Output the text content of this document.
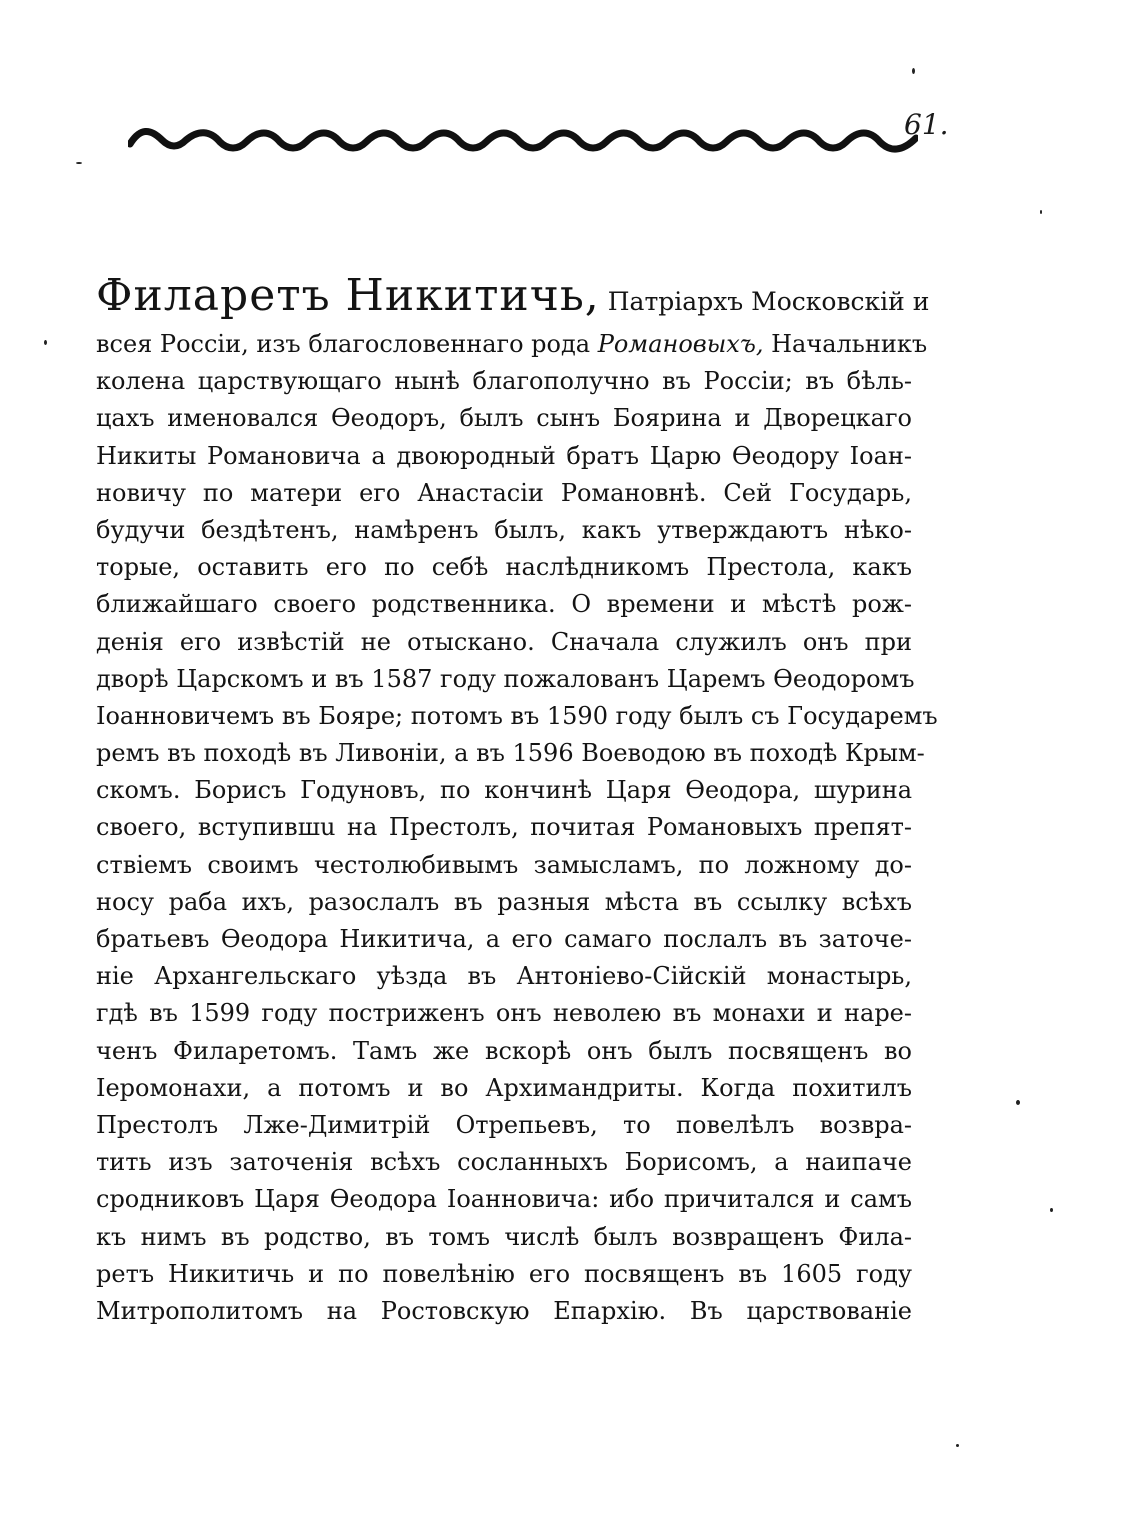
61.
Филаретъ Никитичь, Патріархъ Московскій и
всея Россіи, изъ благословеннаго рода Романовыхъ, Начальникъ
колена царствующаго нынѣ благополучно въ Россіи; въ бѣль-
цахъ именовался Өеодоръ, былъ сынъ Боярина и Дворецкаго
Никиты Романовича а двоюродный братъ Царю Өеодору Іоан-
новичу по матери его Анастасіи Романовнѣ. Сей Государь,
будучи бездѣтенъ, намѣренъ былъ, какъ утверждаютъ нѣко-
торые, оставить его по себѣ наслѣдникомъ Престола, какъ
ближайшаго своего родственника. О времени и мѣстѣ рож-
денія его извѣстій не отыскано. Сначала служилъ онъ при
дворѣ Царскомъ и въ 1587 году пожалованъ Царемъ Өеодоромъ
Іоанновичемъ въ Бояре; потомъ въ 1590 году былъ съ Государемъ
ремъ въ походѣ въ Ливоніи, а въ 1596 Воеводою въ походѣ Крым-
скомъ. Борисъ Годуновъ, по кончинѣ Царя Өеодора, шурина
своего, вступившu на Престолъ, почитая Романовыхъ препят-
ствіемъ своимъ честолюбивымъ замысламъ, по ложному до-
носу раба ихъ, разослалъ въ разныя мѣста въ ссылку всѣхъ
братьевъ Өеодора Никитича, а его самаго послалъ въ заточе-
ніе Архангельскаго уѣзда въ Антоніево-Сійскій монастырь,
гдѣ въ 1599 году постриженъ онъ неволею въ монахи и наре-
ченъ Филаретомъ. Тамъ же вскорѣ онъ былъ посвященъ во
Іеромонахи, а потомъ и во Архимандриты. Когда похитилъ
Престолъ Лже-Димитрій Отрепьевъ, то повелѣлъ возвра-
тить изъ заточенія всѣхъ сосланныхъ Борисомъ, а наипаче
сродниковъ Царя Өеодора Іоанновича: ибо причитался и самъ
къ нимъ въ родство, въ томъ числѣ былъ возвращенъ Фила-
ретъ Никитичь и по повелѣнію его посвященъ въ 1605 году
Митрополитомъ на Ростовскую Епархію. Въ царствованіе
